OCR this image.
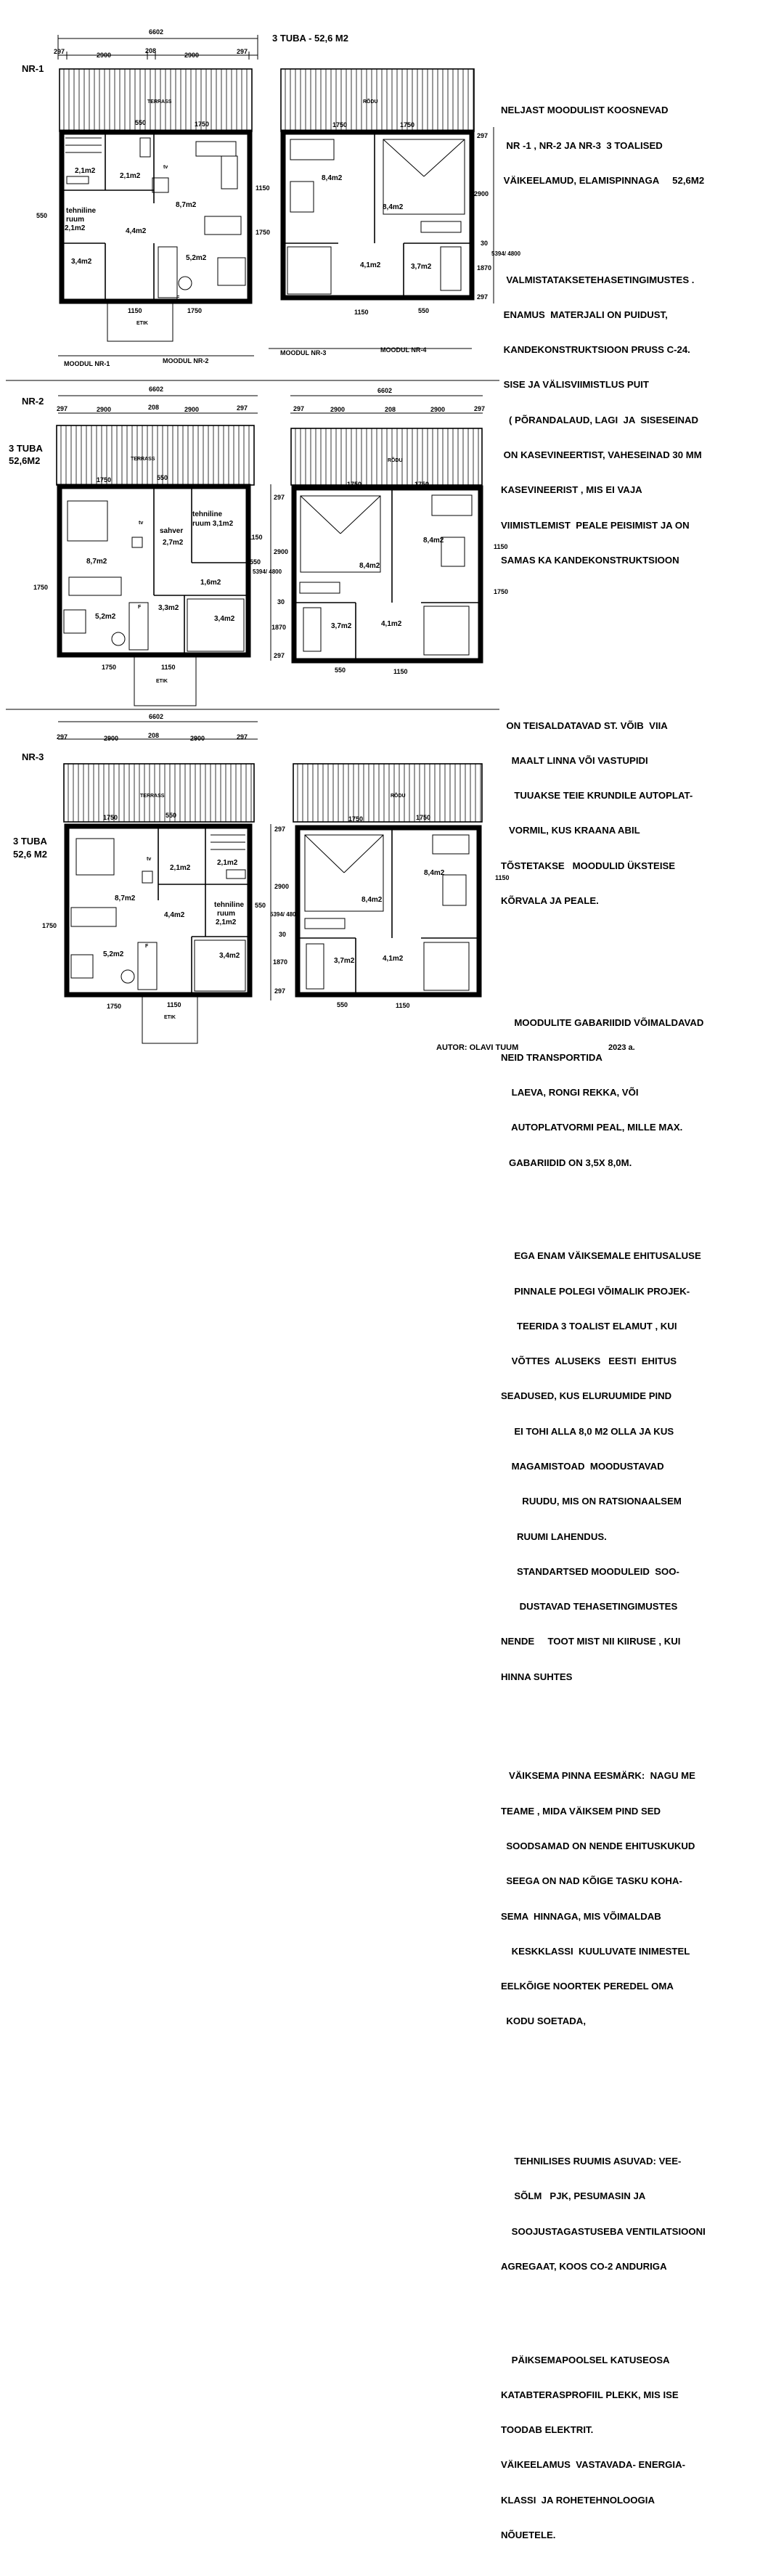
3 TUBA - 52,6 M2
NR-1
6602
297	2900
208
2900	297
TERRASS
F
tv
2,1m2
2,1m2
8,7m2
4,4m2
5,2m2
3,4m2
tehniline
ruum
2,1m2
ETIK
550	1750
1150	1750
550
1150
1750
RÕDU
8,4m2
8,4m2
4,1m2	3,7m2
1750	1750
1150	550
297
2900
30
1870
297
5394/ 4800
MOODUL NR-1	MOODUL NR-2
MOODUL NR-3	MOODUL NR-4
NR-2
3 TUBA
52,6M2
6602
297	2900	208	2900	297
6602
297	2900	208	2900	297
TERRASS
tv
F
8,7m2
5,2m2
sahver
2,7m2
tehniline
ruum 3,1m2
1,6m2
3,3m2
3,4m2
ETIK
1750	550
1750	1150
1750
1150
550
5394/ 4800
297
2900
30
1870
297
RÕDU
8,4m2
8,4m2
3,7m2	4,1m2
1750	1750
550	1150
1150
1750
NR-3
3 TUBA
52,6 M2
6602
297	2900	208	2900	297
TERRASS
tv
F
2,1m2
2,1m2
8,7m2
4,4m2
5,2m2	3,4m2
tehniline
ruum
2,1m2
ETIK
1750	550
1750	1150
1750
550
5394/ 4800
297
2900
30
1870
297
RÕDU
8,4m2
8,4m2
3,7m2	4,1m2
1750	1750
550	1150
1150

NELJAST MOODULIST KOOSNEVAD

NR -1 , NR-2 JA NR-3  3 TOALISED

VÄIKEELAMUD, ELAMISPINNAGA     52,6M2

VALMISTATAKSETEHASETINGIMUSTES .

ENAMUS  MATERJALI ON PUIDUST,

KANDEKONSTRUKTSIOON PRUSS C-24.

SISE JA VÄLISVIIMISTLUS PUIT

( PÕRANDALAUD, LAGI  JA  SISESEINAD

ON KASEVINEERTIST, VAHESEINAD 30 MM

KASEVINEERIST , MIS EI VAJA

VIIMISTLEMIST  PEALE PEISIMIST JA ON

SAMAS KA KANDEKONSTRUKTSIOON

ON TEISALDATAVAD ST. VÕIB  VIIA

MAALT LINNA VÕI VASTUPIDI

TUUAKSE TEIE KRUNDILE AUTOPLAT-

VORMIL, KUS KRAANA ABIL

TÕSTETAKSE   MOODULID ÜKSTEISE

KÕRVALA JA PEALE.

MOODULITE GABARIIDID VÕIMALDAVAD

NEID TRANSPORTIDA

LAEVA, RONGI REKKA, VÕI

AUTOPLATVORMI PEAL, MILLE MAX.

GABARIIDID ON 3,5X 8,0M.

EGA ENAM VÄIKSEMALE EHITUSALUSE

PINNALE POLEGI VÕIMALIK PROJEK-

TEERIDA 3 TOALIST ELAMUT , KUI

VÕTTES  ALUSEKS   EESTI  EHITUS

SEADUSED, KUS ELURUUMIDE PIND

EI TOHI ALLA 8,0 M2 OLLA JA KUS

MAGAMISTOAD  MOODUSTAVAD

RUUDU, MIS ON RATSIONAALSEM

RUUMI LAHENDUS.

STANDARTSED MOODULEID  SOO-

DUSTAVAD TEHASETINGIMUSTES

NENDE     TOOT MIST NII KIIRUSE , KUI

HINNA SUHTES

VÄIKSEMA PINNA EESMÄRK:  NAGU ME

TEAME , MIDA VÄIKSEM PIND SED

SOODSAMAD ON NENDE EHITUSKUKUD

SEEGA ON NAD KÕIGE TASKU KOHA-

SEMA  HINNAGA, MIS VÕIMALDAB

KESKKLASSI  KUULUVATE INIMESTEL

EELKÕIGE NOORTEK PEREDEL OMA

KODU SOETADA,

TEHNILISES RUUMIS ASUVAD: VEE-

SÕLM   PJK, PESUMASIN JA

SOOJUSTAGASTUSEBA VENTILATSIOONI

AGREGAAT, KOOS CO-2 ANDURIGA

PÄIKSEMAPOOLSEL KATUSEOSA

KATABTERASPROFIIL PLEKK, MIS ISE

TOODAB ELEKTRIT.

VÄIKEELAMUS  VASTAVADA- ENERGIA-

KLASSI  JA ROHETEHNOLOOGIA

NÕUETELE.

AUTOR: OLAVI TUUM	2023 a.
